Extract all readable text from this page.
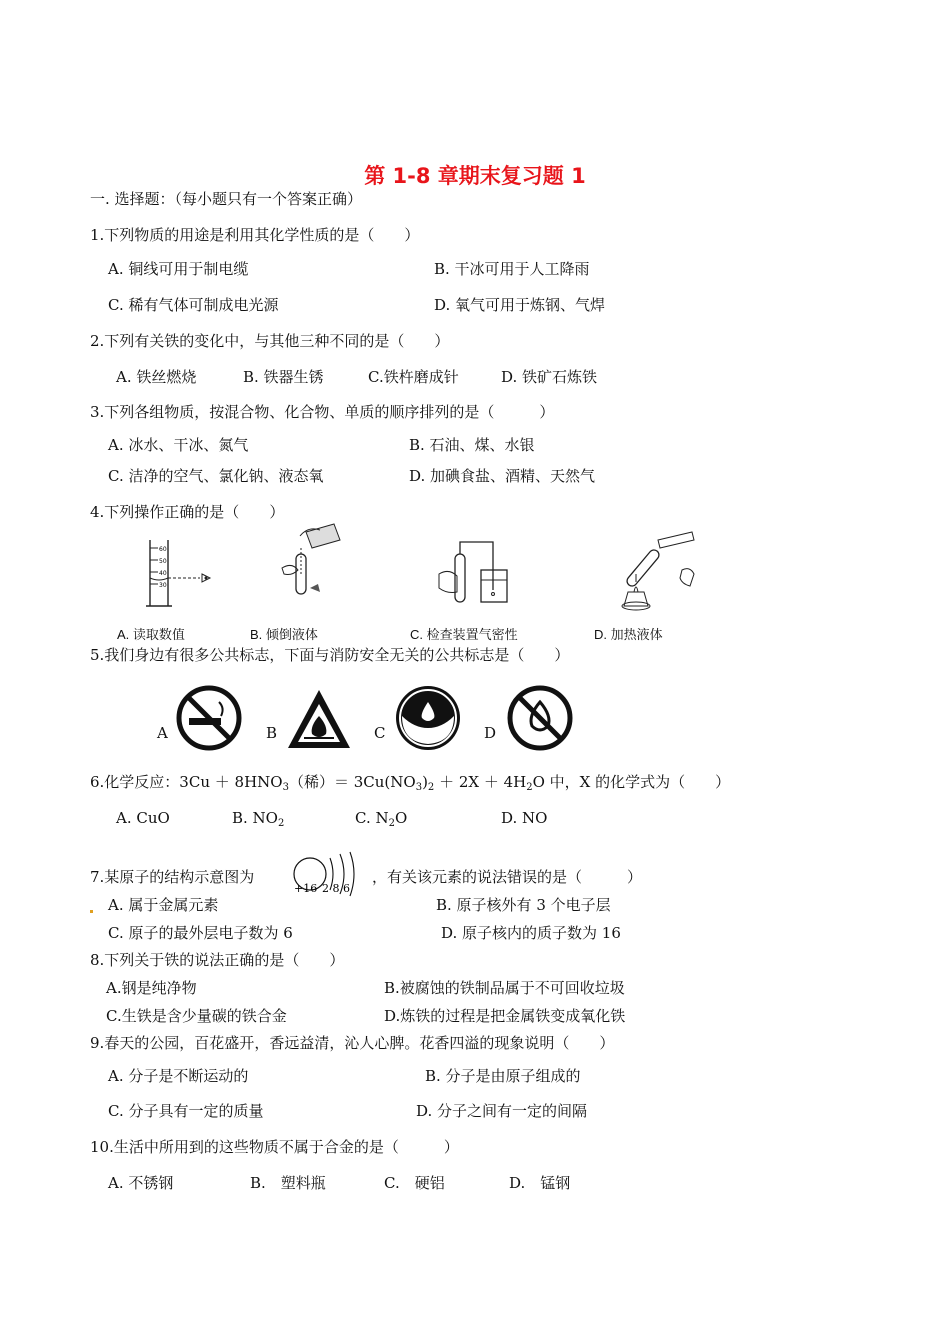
第 1-8 章期末复习题 1
一. 选择题：（每小题只有一个答案正确）
1.下列物质的用途是利用其化学性质的是（　　）
A. 铜线可用于制电缆	B. 干冰可用于人工降雨
C. 稀有气体可制成电光源	D. 氧气可用于炼钢、气焊
2.下列有关铁的变化中，与其他三种不同的是（　　）
A. 铁丝燃烧	B. 铁器生锈	C.铁杵磨成针	D. 铁矿石炼铁
3.下列各组物质，按混合物、化合物、单质的顺序排列的是（　　　）
A. 冰水、干冰、氮气	B. 石油、煤、水银
C. 洁净的空气、氯化钠、液态氧	D. 加碘食盐、酒精、天然气
4.下列操作正确的是（　　）
60
50
40
30
A. 读取数值	B. 倾倒液体	C. 检查装置气密性	D. 加热液体
5.我们身边有很多公共标志，下面与消防安全无关的公共标志是（　　）
A	B	C	D
6.化学反应：$3Cu + 8HNO_3$（稀）＝ $3Cu(NO_3)_2 + 2X + 4H_2O$ 中，X 的化学式为（　　）
A. CuO	B. $NO_2$	C. $N_2O$	D. NO
7.某原子的结构示意图为
+16 2 8 6
，有关该元素的说法错误的是（　　　）
A. 属于金属元素	B. 原子核外有 3 个电子层
C. 原子的最外层电子数为 6	D. 原子核内的质子数为 16
8.下列关于铁的说法正确的是（　　）
A.钢是纯净物	B.被腐蚀的铁制品属于不可回收垃圾
C.生铁是含少量碳的铁合金	D.炼铁的过程是把金属铁变成氧化铁
9.春天的公园，百花盛开，香远益清，沁人心脾。花香四溢的现象说明（　　）
A. 分子是不断运动的	B. 分子是由原子组成的
C. 分子具有一定的质量	D. 分子之间有一定的间隔
10.生活中所用到的这些物质不属于合金的是（　　　）
A. 不锈钢	B.　塑料瓶	C.　硬铝	D.　锰钢
